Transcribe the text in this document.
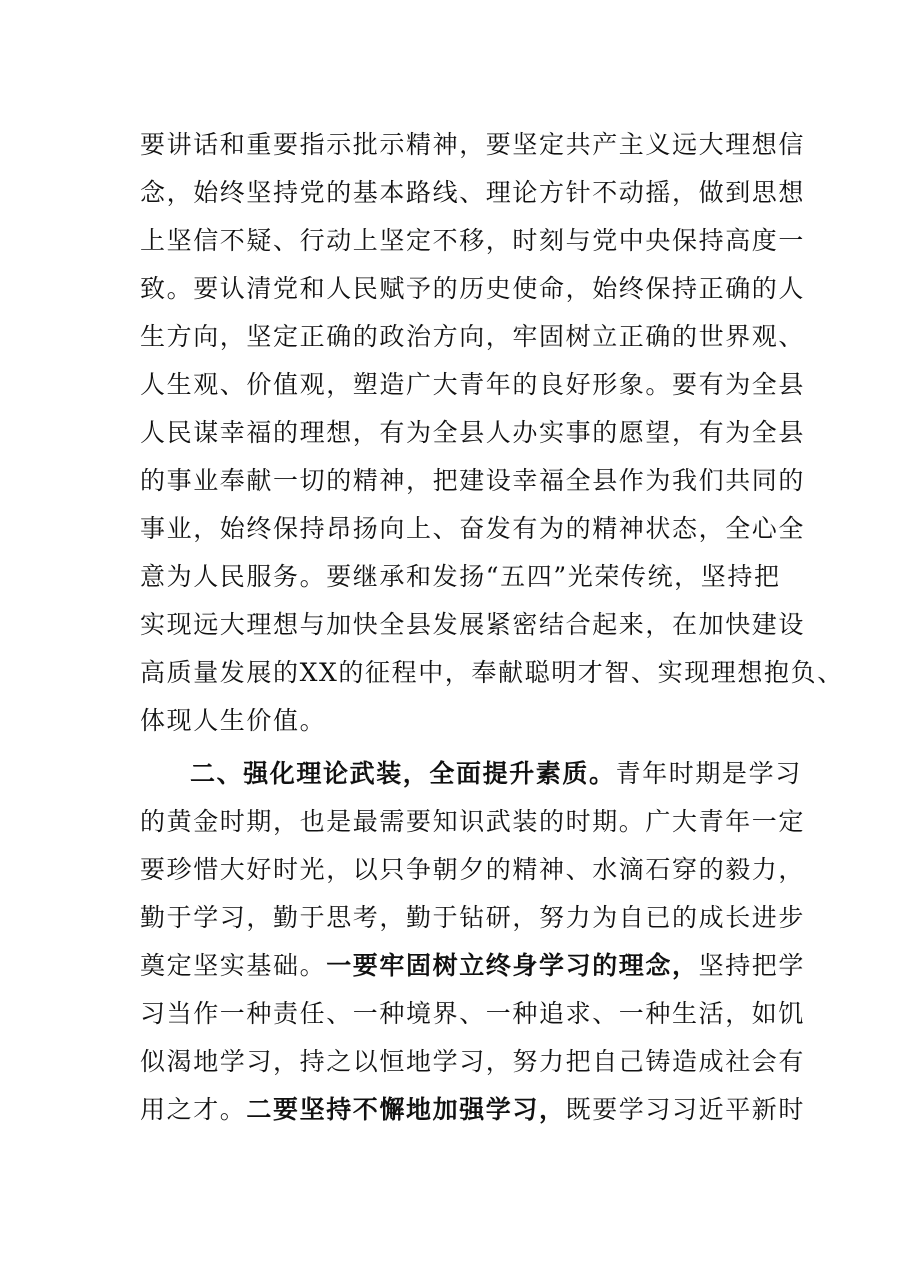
要讲话和重要指示批示精神，要坚定共产主义远大理想信
念，始终坚持党的基本路线、理论方针不动摇，做到思想
上坚信不疑、行动上坚定不移，时刻与党中央保持高度一
致。要认清党和人民赋予的历史使命，始终保持正确的人
生方向，坚定正确的政治方向，牢固树立正确的世界观、
人生观、价值观，塑造广大青年的良好形象。要有为全县
人民谋幸福的理想，有为全县人办实事的愿望，有为全县
的事业奉献一切的精神，把建设幸福全县作为我们共同的
事业，始终保持昂扬向上、奋发有为的精神状态，全心全
意为人民服务。要继承和发扬“五四”光荣传统，坚持把
实现远大理想与加快全县发展紧密结合起来，在加快建设
高质量发展的XX的征程中，奉献聪明才智、实现理想抱负、
体现人生价值。
二、强化理论武装，全面提升素质。青年时期是学习
的黄金时期，也是最需要知识武装的时期。广大青年一定
要珍惜大好时光，以只争朝夕的精神、水滴石穿的毅力，
勤于学习，勤于思考，勤于钻研，努力为自已的成长进步
奠定坚实基础。一要牢固树立终身学习的理念，坚持把学
习当作一种责任、一种境界、一种追求、一种生活，如饥
似渴地学习，持之以恒地学习，努力把自己铸造成社会有
用之才。二要坚持不懈地加强学习，既要学习习近平新时
